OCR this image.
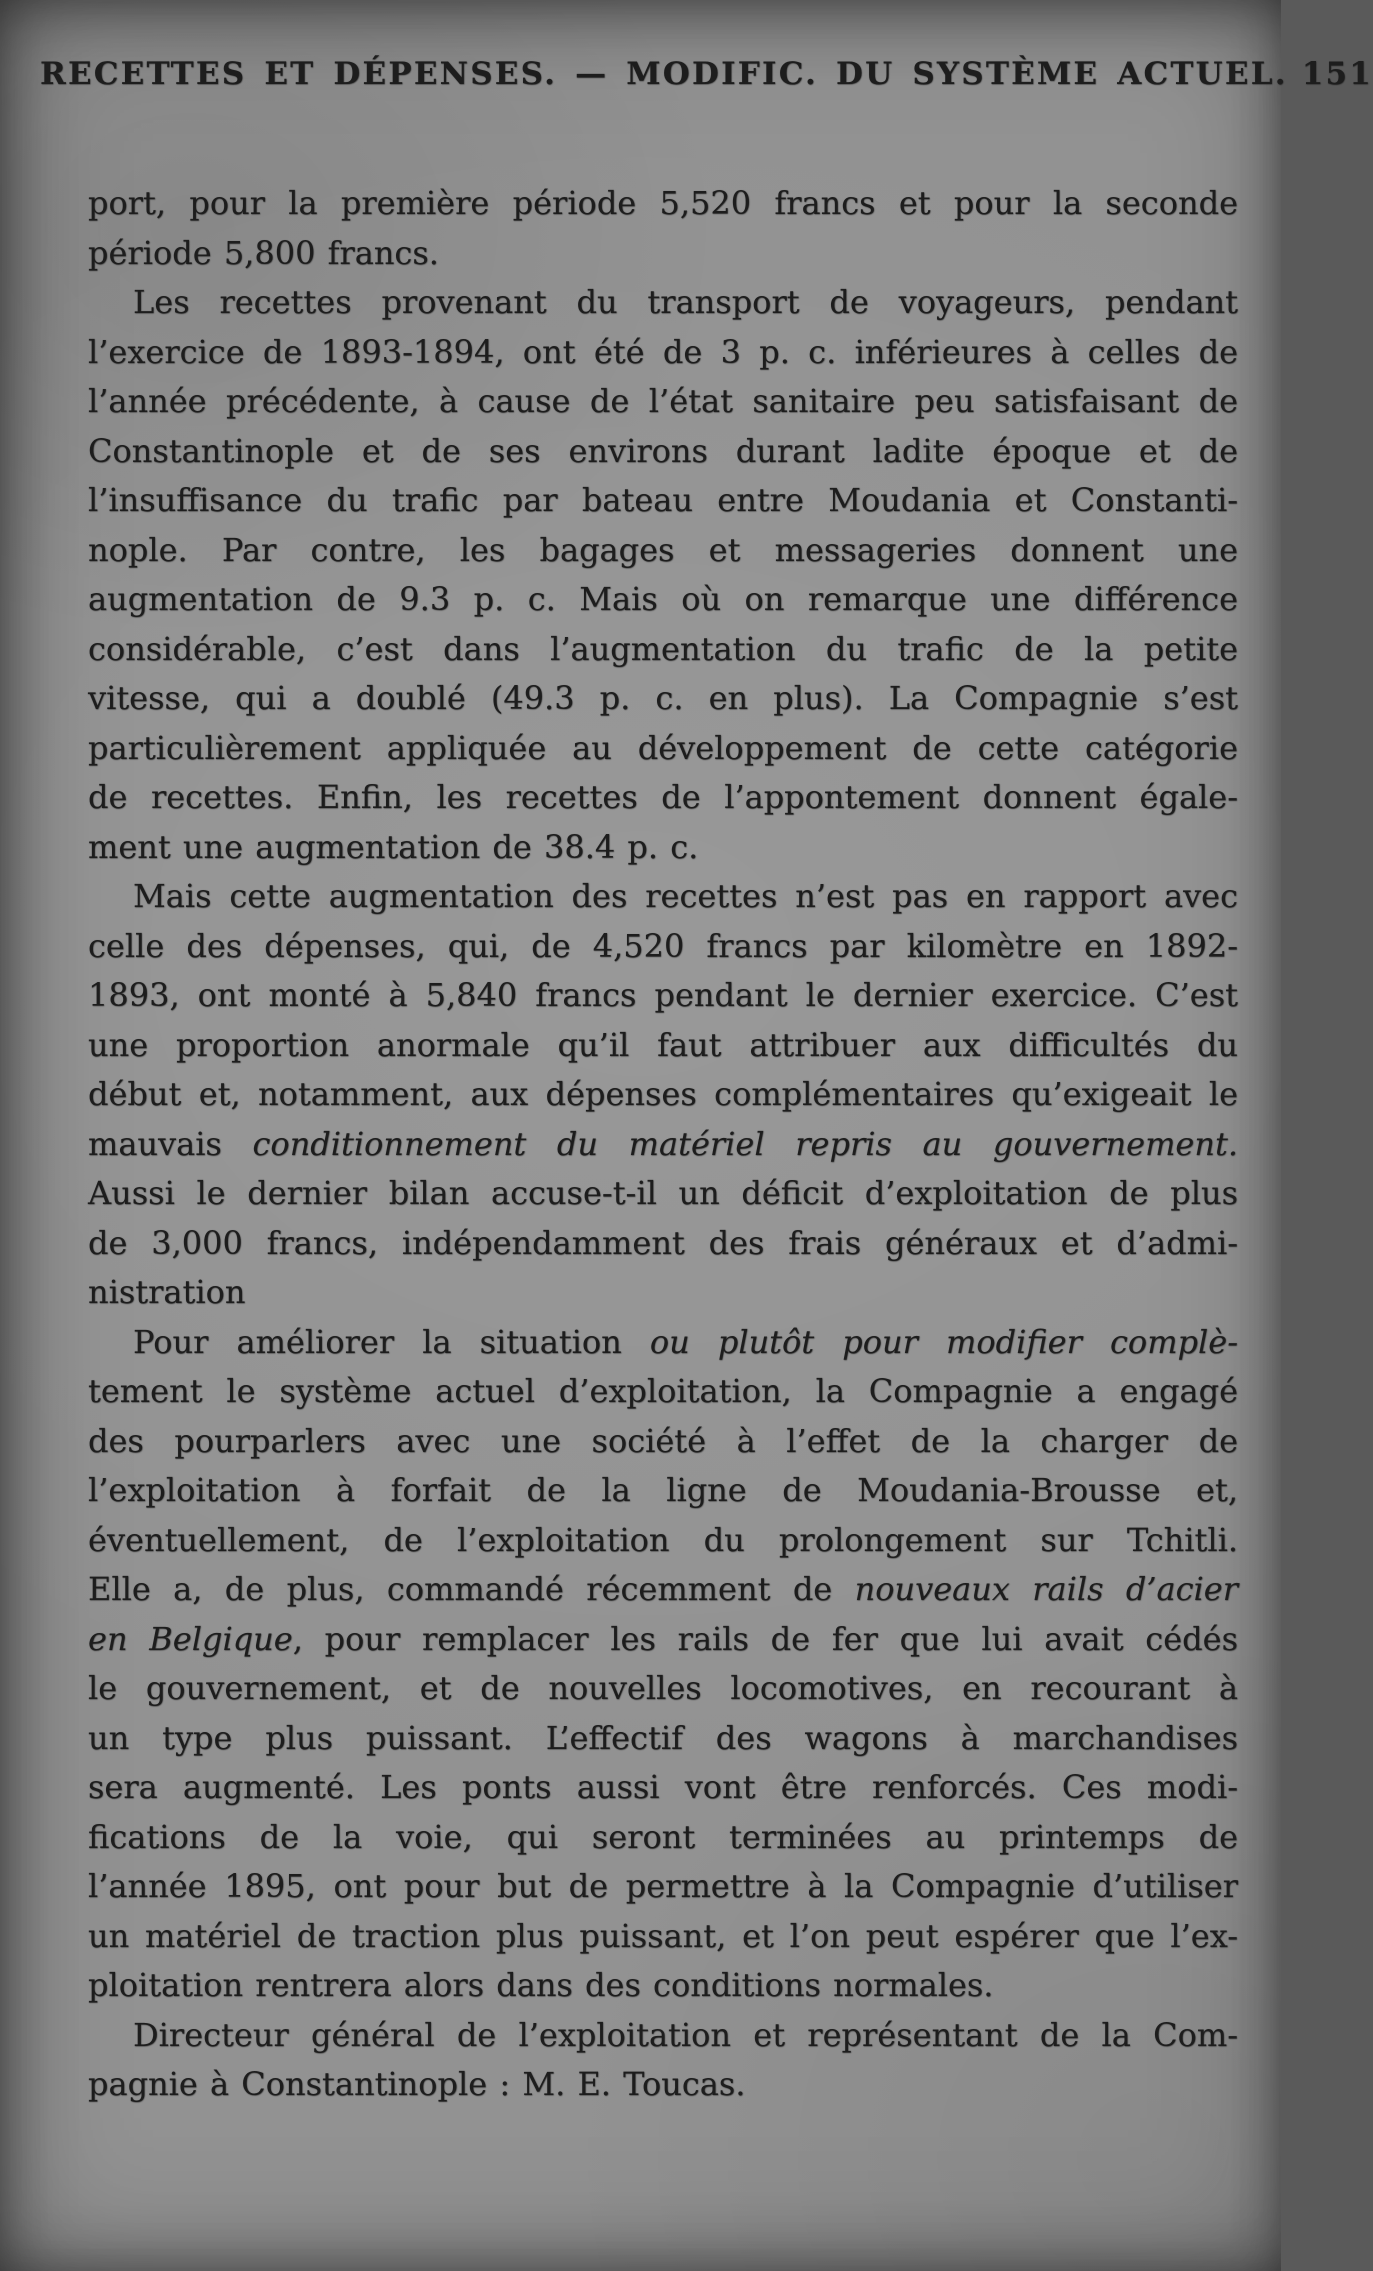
RECETTES ET DÉPENSES. — MODIFIC. DU SYSTÈME ACTUEL. 151
port, pour la première période 5,520 francs et pour la seconde
période 5,800 francs.
Les recettes provenant du transport de voyageurs, pendant
l’exercice de 1893-1894, ont été de 3 p. c. inférieures à celles de
l’année précédente, à cause de l’état sanitaire peu satisfaisant de
Constantinople et de ses environs durant ladite époque et de
l’insuffisance du trafic par bateau entre Moudania et Constanti-
nople. Par contre, les bagages et messageries donnent une
augmentation de 9.3 p. c. Mais où on remarque une différence
considérable, c’est dans l’augmentation du trafic de la petite
vitesse, qui a doublé (49.3 p. c. en plus). La Compagnie s’est
particulièrement appliquée au développement de cette catégorie
de recettes. Enfin, les recettes de l’appontement donnent égale-
ment une augmentation de 38.4 p. c.
Mais cette augmentation des recettes n’est pas en rapport avec
celle des dépenses, qui, de 4,520 francs par kilomètre en 1892-
1893, ont monté à 5,840 francs pendant le dernier exercice. C’est
une proportion anormale qu’il faut attribuer aux difficultés du
début et, notamment, aux dépenses complémentaires qu’exigeait le
mauvais conditionnement du matériel repris au gouvernement.
Aussi le dernier bilan accuse-t-il un déficit d’exploitation de plus
de 3,000 francs, indépendamment des frais généraux et d’admi-
nistration
Pour améliorer la situation ou plutôt pour modifier complè-
tement le système actuel d’exploitation, la Compagnie a engagé
des pourparlers avec une société à l’effet de la charger de
l’exploitation à forfait de la ligne de Moudania-Brousse et,
éventuellement, de l’exploitation du prolongement sur Tchitli.
Elle a, de plus, commandé récemment de nouveaux rails d’acier
en Belgique, pour remplacer les rails de fer que lui avait cédés
le gouvernement, et de nouvelles locomotives, en recourant à
un type plus puissant. L’effectif des wagons à marchandises
sera augmenté. Les ponts aussi vont être renforcés. Ces modi-
fications de la voie, qui seront terminées au printemps de
l’année 1895, ont pour but de permettre à la Compagnie d’utiliser
un matériel de traction plus puissant, et l’on peut espérer que l’ex-
ploitation rentrera alors dans des conditions normales.
Directeur général de l’exploitation et représentant de la Com-
pagnie à Constantinople : M. E. Toucas.
